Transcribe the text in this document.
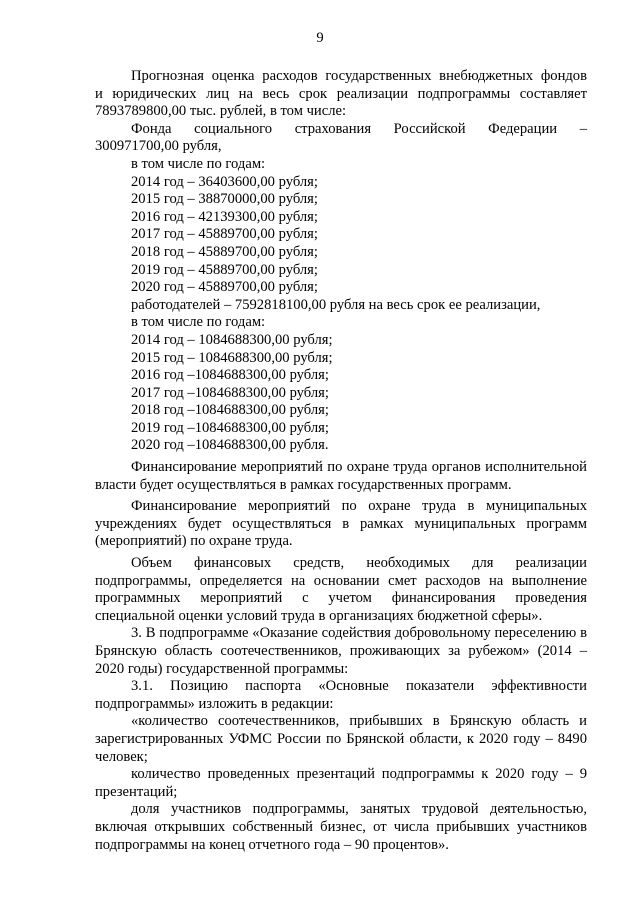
9

Прогнозная оценка расходов государственных внебюджетных фондов

и юридических лиц на весь срок реализации подпрограммы составляет

7893789800,00 тыс. рублей, в том числе:

Фонда социального страхования Российской Федерации –

300971700,00 рубля,

в том числе по годам:

2014 год – 36403600,00 рубля;

2015 год – 38870000,00 рубля;

2016 год – 42139300,00 рубля;

2017 год – 45889700,00 рубля;

2018 год – 45889700,00 рубля;

2019 год – 45889700,00 рубля;

2020 год – 45889700,00 рубля;

работодателей – 7592818100,00 рубля на весь срок ее реализации,

в том числе по годам:

2014 год – 1084688300,00 рубля;

2015 год – 1084688300,00 рубля;

2016 год –1084688300,00 рубля;

2017 год –1084688300,00 рубля;

2018 год –1084688300,00 рубля;

2019 год –1084688300,00 рубля;

2020 год –1084688300,00 рубля.

Финансирование мероприятий по охране труда органов исполнительной власти будет осуществляться в рамках государственных программ.

Финансирование мероприятий по охране труда в муниципальных учреждениях будет осуществляться в рамках муниципальных программ (мероприятий) по охране труда.

Объем финансовых средств, необходимых для реализации подпрограммы, определяется на основании смет расходов на выполнение программных мероприятий с учетом финансирования проведения специальной оценки условий труда в организациях бюджетной сферы».

3. В подпрограмме «Оказание содействия добровольному переселению в Брянскую область соотечественников, проживающих за рубежом» (2014 – 2020 годы) государственной программы:

3.1. Позицию паспорта «Основные показатели эффективности подпрограммы» изложить в редакции:

«количество соотечественников, прибывших в Брянскую область и зарегистрированных УФМС России по Брянской области, к 2020 году – 8490 человек;

количество проведенных презентаций подпрограммы к 2020 году – 9 презентаций;

доля участников подпрограммы, занятых трудовой деятельностью, включая открывших собственный бизнес, от числа прибывших участников подпрограммы на конец отчетного года – 90 процентов».
